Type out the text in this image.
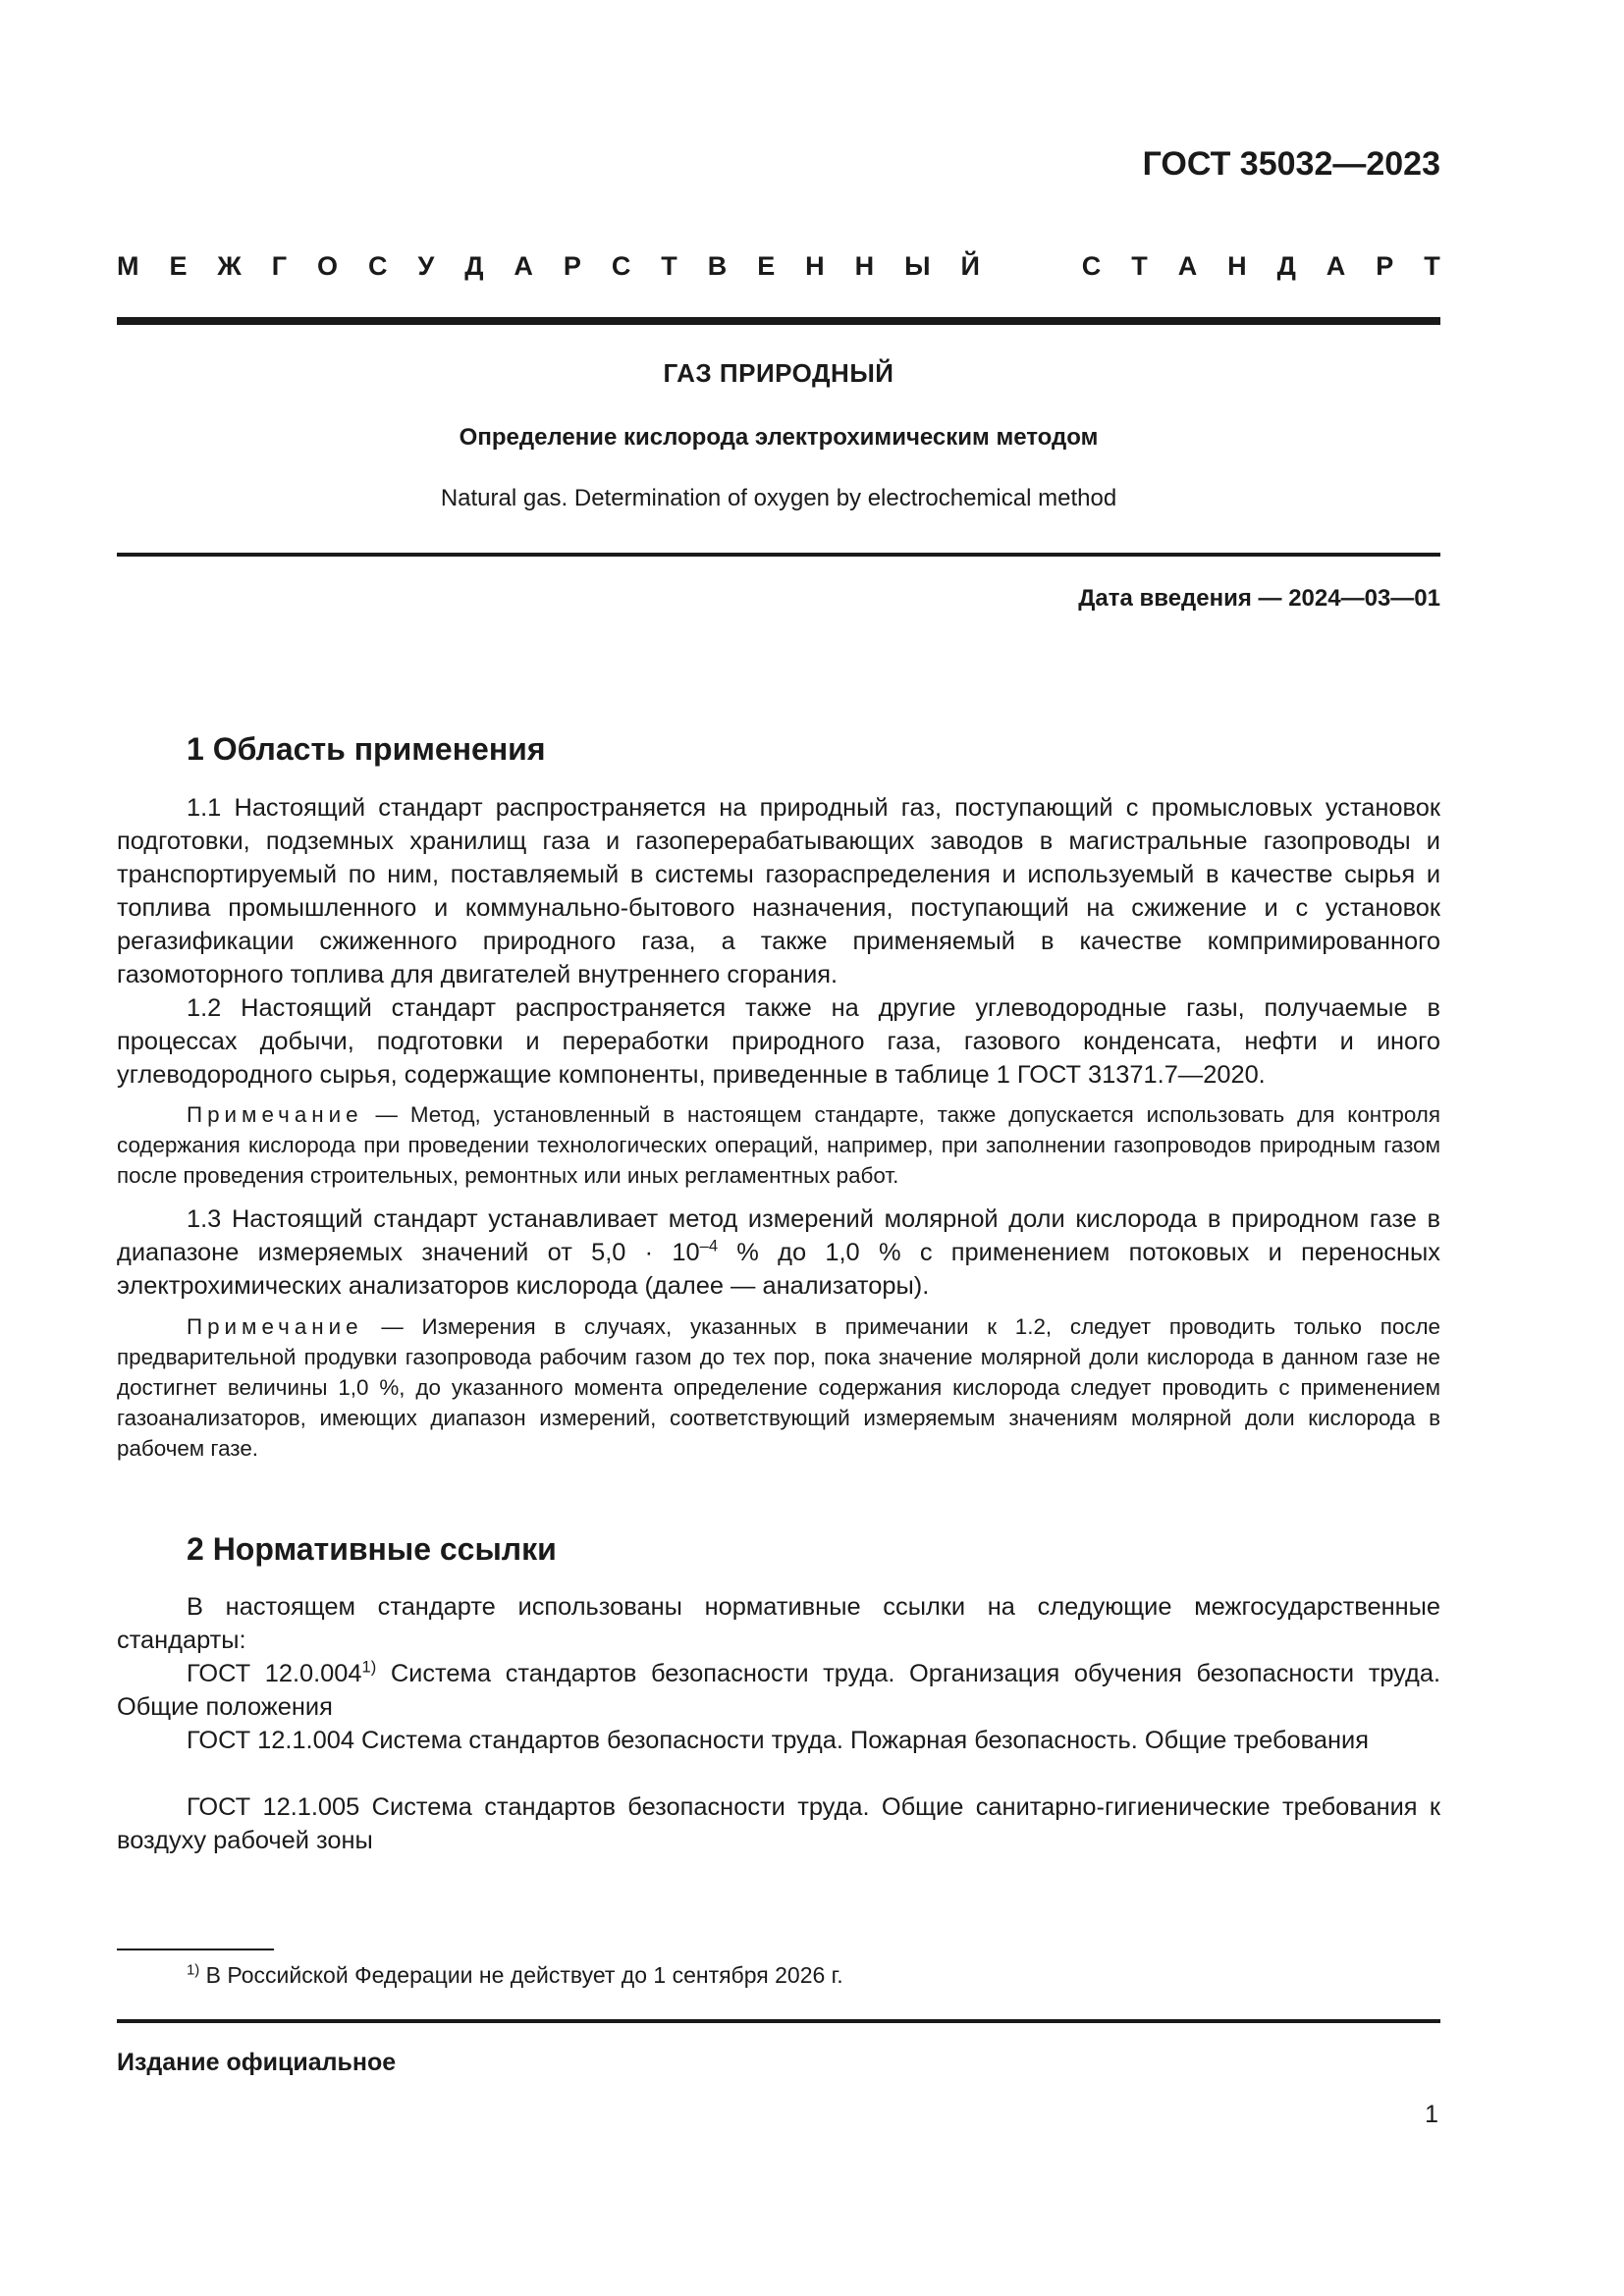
ГОСТ 35032—2023
М Е Ж Г О С У Д А Р С Т В Е Н Н Ы Й	С Т А Н Д А Р Т
ГАЗ ПРИРОДНЫЙ
Определение кислорода электрохимическим методом
Natural gas. Determination of oxygen by electrochemical method
Дата введения — 2024—03—01
1 Область применения

1.1 Настоящий стандарт распространяется на природный газ, поступающий с промысловых установок подготовки, подземных хранилищ газа и газоперерабатывающих заводов в магистральные газопроводы и транспортируемый по ним, поставляемый в системы газораспределения и используемый в качестве сырья и топлива промышленного и коммунально-бытового назначения, поступающий на сжижение и с установок регазификации сжиженного природного газа, а также применяемый в качестве компримированного газомоторного топлива для двигателей внутреннего сгорания.

1.2 Настоящий стандарт распространяется также на другие углеводородные газы, получаемые в процессах добычи, подготовки и переработки природного газа, газового конденсата, нефти и иного углеводородного сырья, содержащие компоненты, приведенные в таблице 1 ГОСТ 31371.7—2020.

Примечание — Метод, установленный в настоящем стандарте, также допускается использовать для контроля содержания кислорода при проведении технологических операций, например, при заполнении газопроводов природным газом после проведения строительных, ремонтных или иных регламентных работ.

1.3 Настоящий стандарт устанавливает метод измерений молярной доли кислорода в природном газе в диапазоне измеряемых значений от $5,0 \cdot 10^{-4}$ % до 1,0 % с применением потоковых и переносных электрохимических анализаторов кислорода (далее — анализаторы).

Примечание — Измерения в случаях, указанных в примечании к 1.2, следует проводить только после предварительной продувки газопровода рабочим газом до тех пор, пока значение молярной доли кислорода в данном газе не достигнет величины 1,0 %, до указанного момента определение содержания кислорода следует проводить с применением газоанализаторов, имеющих диапазон измерений, соответствующий измеряемым значениям молярной доли кислорода в рабочем газе.

2 Нормативные ссылки

В настоящем стандарте использованы нормативные ссылки на следующие межгосударственные стандарты:

ГОСТ 12.0.004$^{1)}$ Система стандартов безопасности труда. Организация обучения безопасности труда. Общие положения

ГОСТ 12.1.004 Система стандартов безопасности труда. Пожарная безопасность. Общие требования

ГОСТ 12.1.005 Система стандартов безопасности труда. Общие санитарно-гигиенические требования к воздуху рабочей зоны

$^{1)}$ В Российской Федерации не действует до 1 сентября 2026 г.
Издание официальное
1
